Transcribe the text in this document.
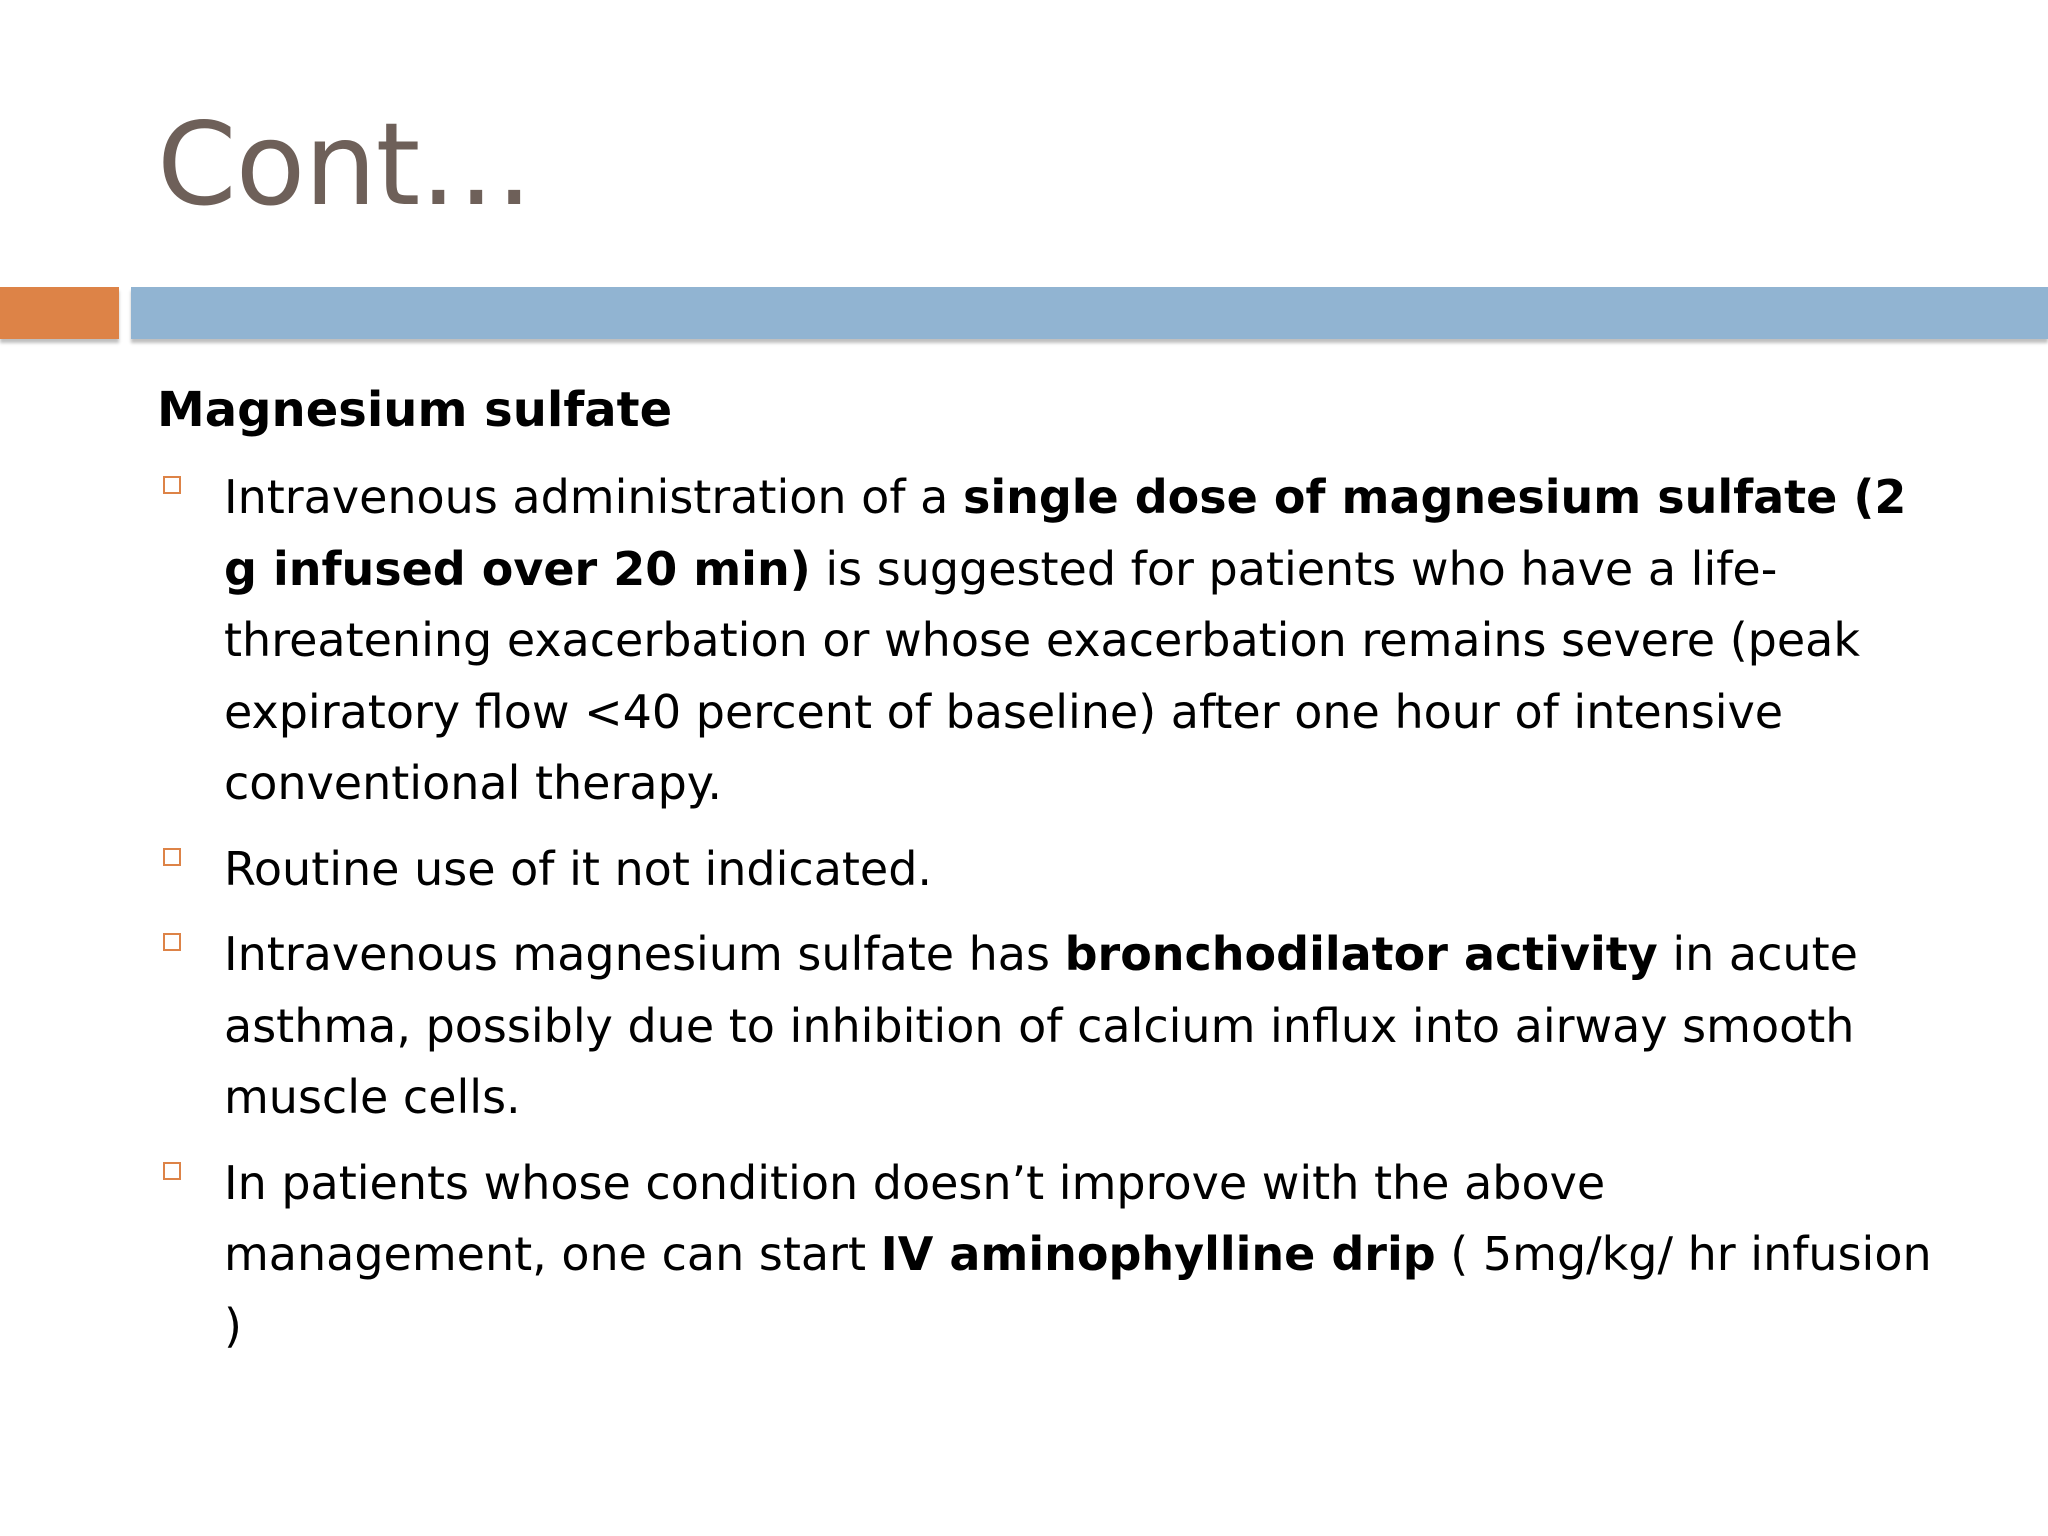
Cont…
Magnesium sulfate
Intravenous administration of a single dose of magnesium sulfate (2 g infused over 20 min) is suggested for patients who have a life-threatening exacerbation or whose exacerbation remains severe (peak expiratory flow <40 percent of baseline) after one hour of intensive conventional therapy.
Routine use of it not indicated.
Intravenous magnesium sulfate has bronchodilator activity in acute asthma, possibly due to inhibition of calcium influx into airway smooth muscle cells.
In patients whose condition doesn’t improve with the above management, one can start IV aminophylline drip ( 5mg/kg/ hr infusion )
